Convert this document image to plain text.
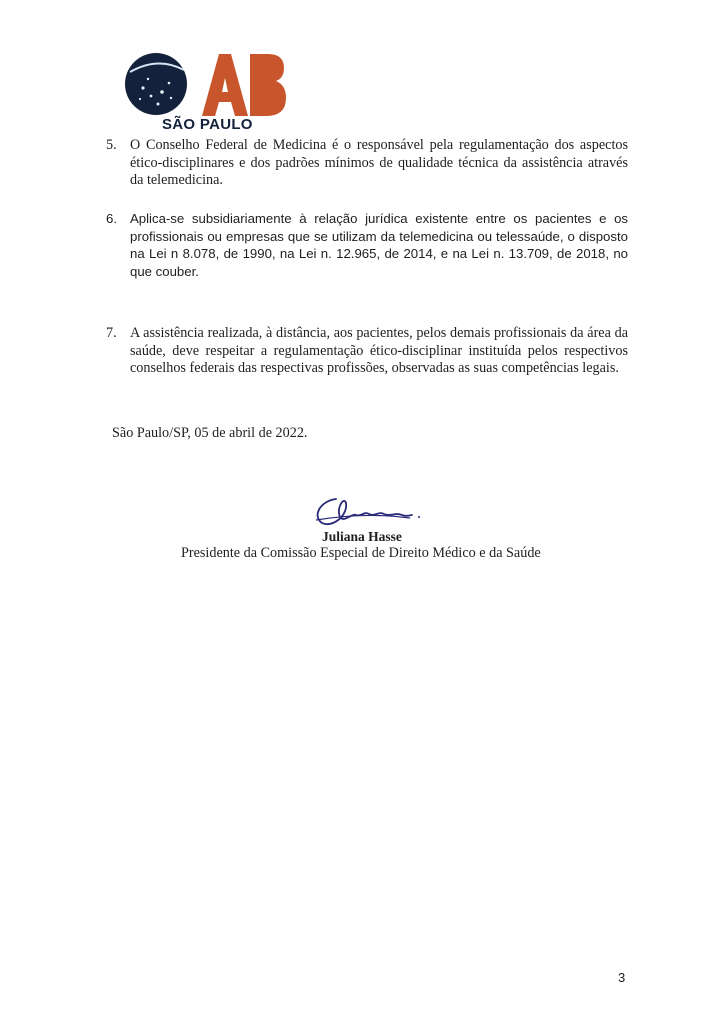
SÃO PAULO

5. O Conselho Federal de Medicina é o responsável pela regulamentação dos aspectos ético-disciplinares e dos padrões mínimos de qualidade técnica da assistência através da telemedicina.

6. Aplica-se subsidiariamente à relação jurídica existente entre os pacientes e os profissionais ou empresas que se utilizam da telemedicina ou telessaúde, o disposto na Lei n 8.078, de 1990, na Lei n. 12.965, de 2014, e na Lei n. 13.709, de 2018, no que couber.

7. A assistência realizada, à distância, aos pacientes, pelos demais profissionais da área da saúde, deve respeitar a regulamentação ético-disciplinar instituída pelos respectivos conselhos federais das respectivas profissões, observadas as suas competências legais.

São Paulo/SP, 05 de abril de 2022.

Juliana Hasse

Presidente da Comissão Especial de Direito Médico e da Saúde

3
